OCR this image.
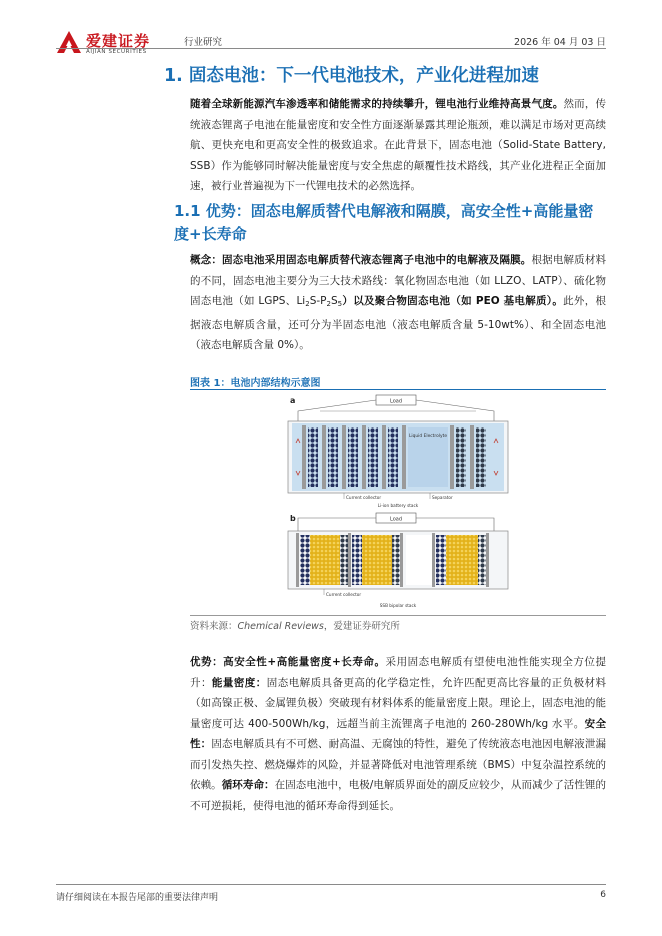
爱建证券
AIJIAN SECURITIES
行业研究	2026 年 04 月 03 日
1. 固态电池：下一代电池技术，产业化进程加速
随着全球新能源汽车渗透率和储能需求的持续攀升，锂电池行业维持高景气度。然而，传统液态锂离子电池在能量密度和安全性方面逐渐暴露其理论瓶颈，难以满足市场对更高续航、更快充电和更高安全性的极致追求。在此背景下，固态电池（Solid-State Battery, SSB）作为能够同时解决能量密度与安全焦虑的颠覆性技术路线，其产业化进程正全面加速，被行业普遍视为下一代锂电技术的必然选择。
1.1 优势：固态电解质替代电解液和隔膜，高安全性+高能量密度+长寿命
概念：固态电池采用固态电解质替代液态锂离子电池中的电解液及隔膜。根据电解质材料的不同，固态电池主要分为三大技术路线：氧化物固态电池（如 LLZO、LATP）、硫化物固态电池（如 LGPS、$Li_2S-P_2S_5$）以及聚合物固态电池（如 PEO 基电解质）。此外，根据液态电解质含量，还可分为半固态电池（液态电解质含量 5-10wt%）、和全固态电池（液态电解质含量 0%）。
图表 1：电池内部结构示意图
a	Load
Liquid Electrolyte
Current collector	Separator
Li-ion battery stack
b	Load
Current collector
SSB bipolar stack
资料来源：Chemical Reviews，爱建证券研究所
优势：高安全性+高能量密度+长寿命。采用固态电解质有望使电池性能实现全方位提升：能量密度：固态电解质具备更高的化学稳定性，允许匹配更高比容量的正负极材料（如高镍正极、金属锂负极）突破现有材料体系的能量密度上限。理论上，固态电池的能量密度可达 400-500Wh/kg，远超当前主流锂离子电池的 260-280Wh/kg 水平。安全性：固态电解质具有不可燃、耐高温、无腐蚀的特性，避免了传统液态电池因电解液泄漏而引发热失控、燃烧爆炸的风险，并显著降低对电池管理系统（BMS）中复杂温控系统的依赖。循环寿命：在固态电池中，电极/电解质界面处的副反应较少，从而减少了活性锂的不可逆损耗，使得电池的循环寿命得到延长。
请仔细阅读在本报告尾部的重要法律声明	6
